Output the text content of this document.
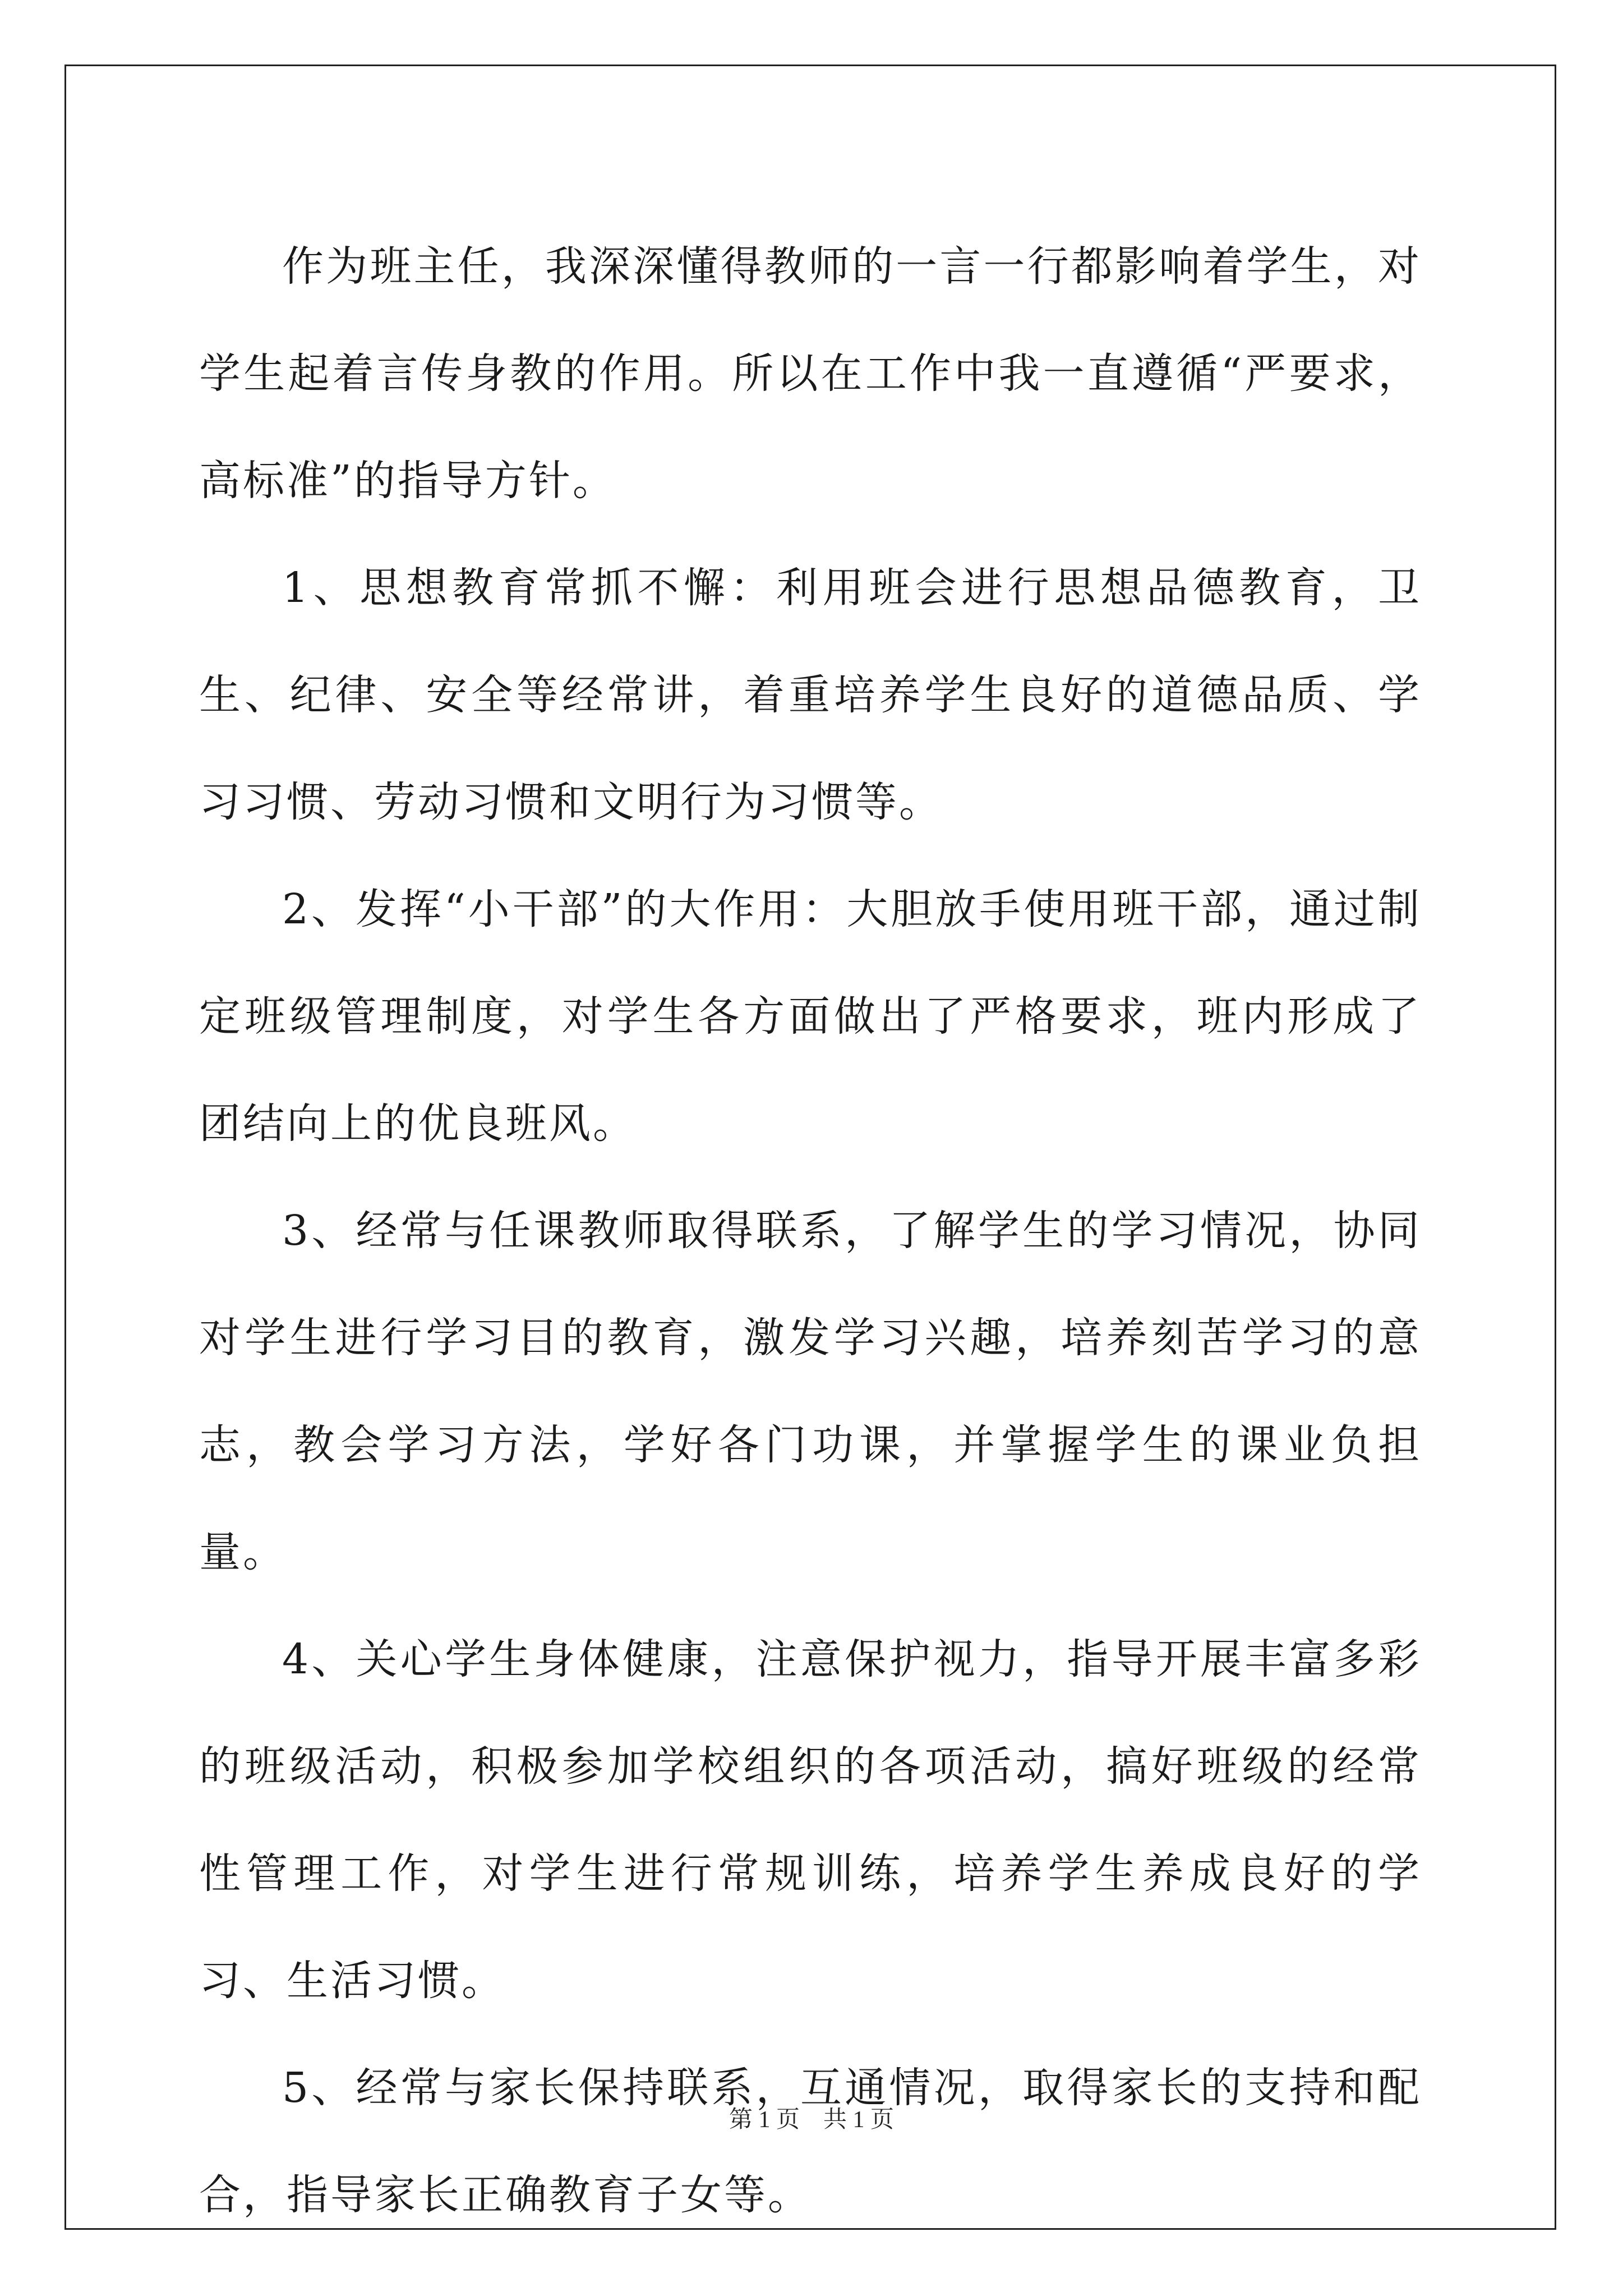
作为班主任，我深深懂得教师的一言一行都影响着学生，对学生起着言传身教的作用。所以在工作中我一直遵循“严要求，高标准”的指导方针。

1、思想教育常抓不懈：利用班会进行思想品德教育，卫生、纪律、安全等经常讲，着重培养学生良好的道德品质、学习习惯、劳动习惯和文明行为习惯等。

2、发挥“小干部”的大作用：大胆放手使用班干部，通过制定班级管理制度，对学生各方面做出了严格要求，班内形成了团结向上的优良班风。

3、经常与任课教师取得联系，了解学生的学习情况，协同对学生进行学习目的教育，激发学习兴趣，培养刻苦学习的意志，教会学习方法，学好各门功课，并掌握学生的课业负担量。

4、关心学生身体健康，注意保护视力，指导开展丰富多彩的班级活动，积极参加学校组织的各项活动，搞好班级的经常性管理工作，对学生进行常规训练，培养学生养成良好的学习、生活习惯。

5、经常与家长保持联系，互通情况，取得家长的支持和配合，指导家长正确教育子女等。

第 1 页    共 1 页
